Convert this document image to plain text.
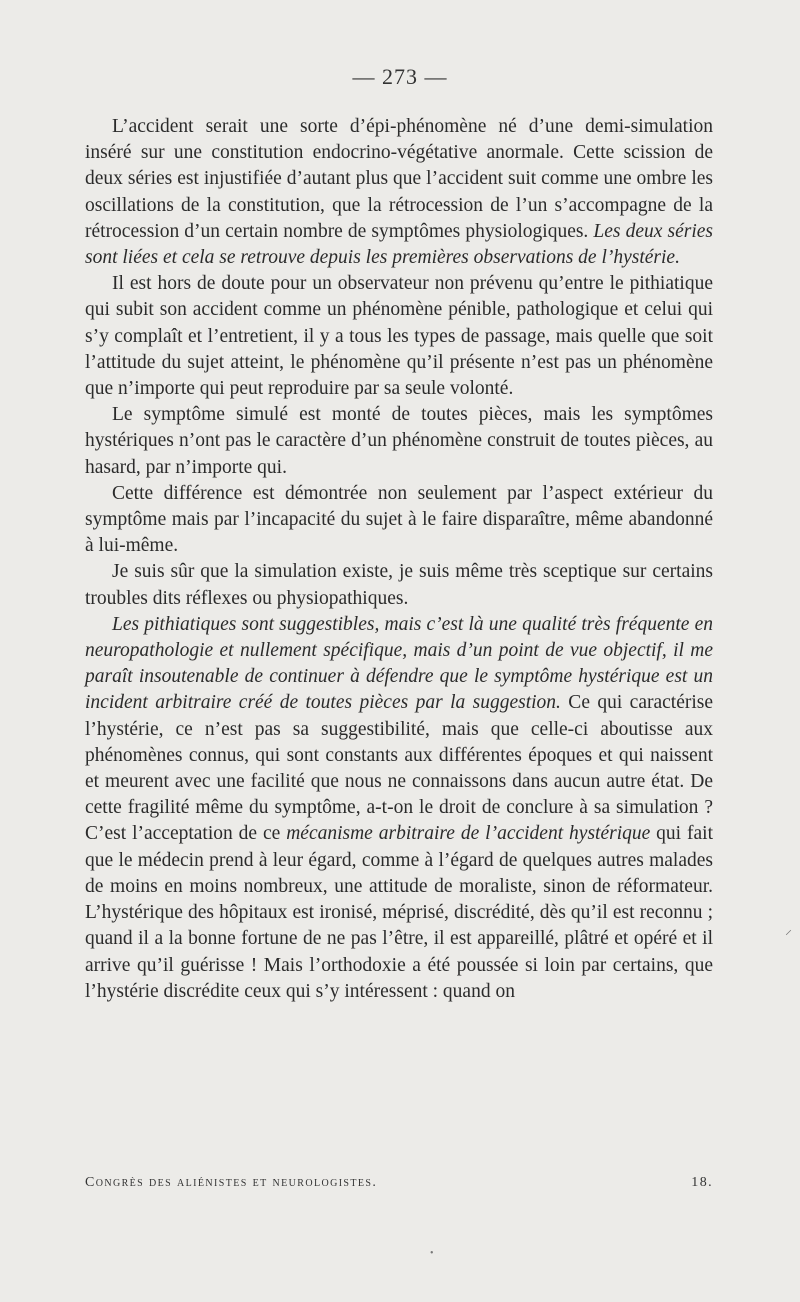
— 273 —

L’accident serait une sorte d’épi-phénomène né d’une demi-simulation inséré sur une constitution endocrino-végétative anormale. Cette scission de deux séries est injustifiée d’autant plus que l’accident suit comme une ombre les oscillations de la constitution, que la rétrocession de l’un s’accompagne de la rétrocession d’un certain nombre de symptômes physiologiques. Les deux séries sont liées et cela se retrouve depuis les premières observations de l’hystérie.

Il est hors de doute pour un observateur non prévenu qu’entre le pithiatique qui subit son accident comme un phénomène pénible, pathologique et celui qui s’y complaît et l’entretient, il y a tous les types de passage, mais quelle que soit l’attitude du sujet atteint, le phénomène qu’il présente n’est pas un phénomène que n’importe qui peut reproduire par sa seule volonté.

Le symptôme simulé est monté de toutes pièces, mais les symptômes hystériques n’ont pas le caractère d’un phénomène construit de toutes pièces, au hasard, par n’importe qui.

Cette différence est démontrée non seulement par l’aspect extérieur du symptôme mais par l’incapacité du sujet à le faire disparaître, même abandonné à lui-même.

Je suis sûr que la simulation existe, je suis même très sceptique sur certains troubles dits réflexes ou physiopathiques.

Les pithiatiques sont suggestibles, mais c’est là une qualité très fréquente en neuropathologie et nullement spécifique, mais d’un point de vue objectif, il me paraît insoutenable de continuer à défendre que le symptôme hystérique est un incident arbitraire créé de toutes pièces par la suggestion. Ce qui caractérise l’hystérie, ce n’est pas sa suggestibilité, mais que celle-ci aboutisse aux phénomènes connus, qui sont constants aux différentes époques et qui naissent et meurent avec une facilité que nous ne connaissons dans aucun autre état. De cette fragilité même du symptôme, a-t-on le droit de conclure à sa simulation ? C’est l’acceptation de ce mécanisme arbitraire de l’accident hystérique qui fait que le médecin prend à leur égard, comme à l’égard de quelques autres malades de moins en moins nombreux, une attitude de moraliste, sinon de réformateur. L’hystérique des hôpitaux est ironisé, méprisé, discrédité, dès qu’il est reconnu ; quand il a la bonne fortune de ne pas l’être, il est appareillé, plâtré et opéré et il arrive qu’il guérisse ! Mais l’orthodoxie a été poussée si loin par certains, que l’hystérie discrédite ceux qui s’y intéressent : quand on

Congrès des aliénistes et neurologistes.	18.
⸝
•
